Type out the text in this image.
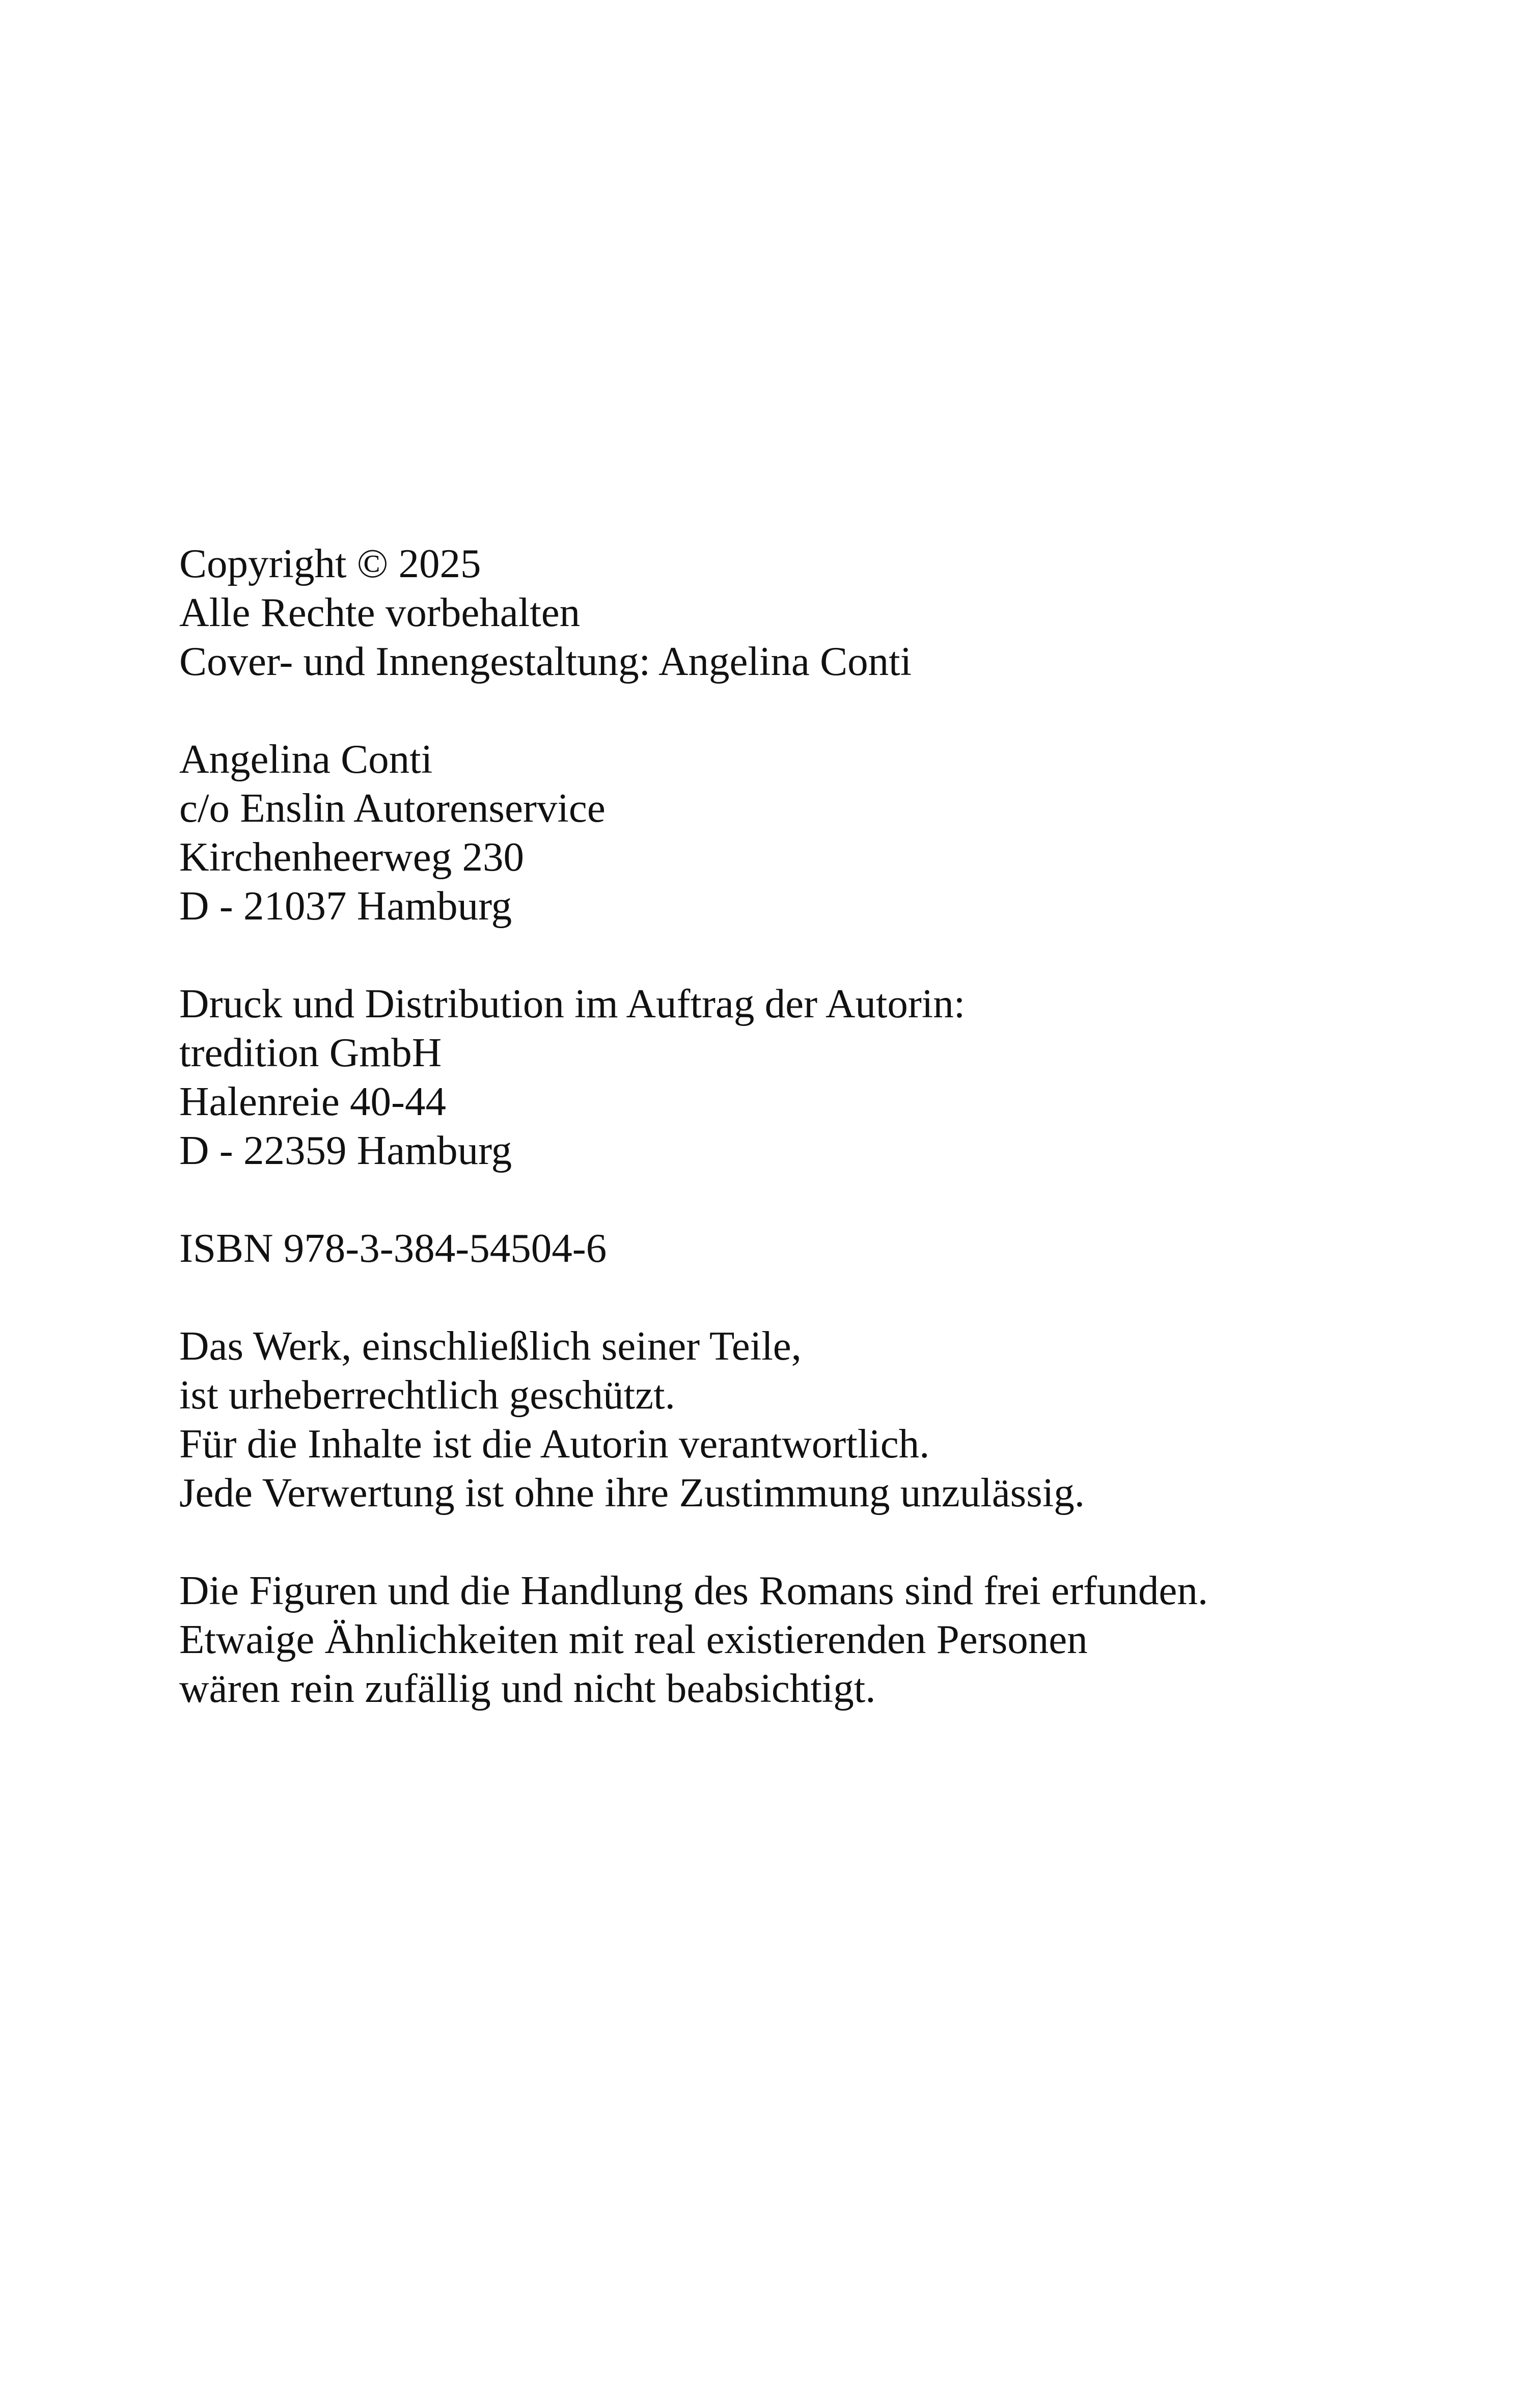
Copyright © 2025
Alle Rechte vorbehalten
Cover- und Innengestaltung: Angelina Conti
Angelina Conti
c/o Enslin Autorenservice
Kirchenheerweg 230
D - 21037 Hamburg
Druck und Distribution im Auftrag der Autorin:
tredition GmbH
Halenreie 40-44
D - 22359 Hamburg
ISBN 978-3-384-54504-6
Das Werk, einschließlich seiner Teile,
ist urheberrechtlich geschützt.
Für die Inhalte ist die Autorin verantwortlich.
Jede Verwertung ist ohne ihre Zustimmung unzulässig.
Die Figuren und die Handlung des Romans sind frei erfunden.
Etwaige Ähnlichkeiten mit real existierenden Personen
wären rein zufällig und nicht beabsichtigt.
